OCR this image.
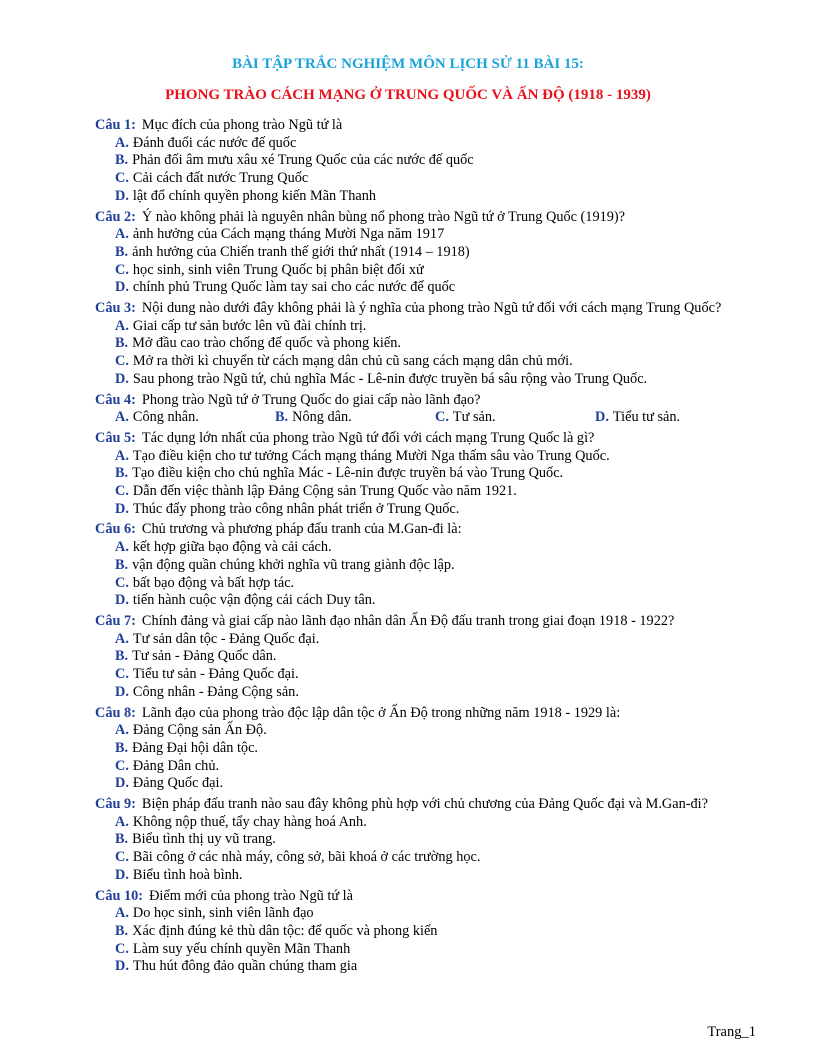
BÀI TẬP TRẮC NGHIỆM MÔN LỊCH SỬ 11 BÀI 15:
PHONG TRÀO CÁCH MẠNG Ở TRUNG QUỐC VÀ ẤN ĐỘ (1918 - 1939)
Câu 1: Mục đích của phong trào Ngũ tứ là
A. Đánh đuổi các nước đế quốc
B. Phản đối âm mưu xâu xé Trung Quốc của các nước đế quốc
C. Cải cách đất nước Trung Quốc
D. lật đổ chính quyền phong kiến Mãn Thanh
Câu 2: Ý nào không phải là nguyên nhân bùng nổ phong trào Ngũ tứ ở Trung Quốc (1919)?
A. ảnh hưởng của Cách mạng tháng Mười Nga năm 1917
B. ảnh hưởng của Chiến tranh thế giới thứ nhất (1914 – 1918)
C. học sinh, sinh viên Trung Quốc bị phân biệt đối xử
D. chính phủ Trung Quốc làm tay sai cho các nước đế quốc
Câu 3: Nội dung nào dưới đây không phải là ý nghĩa của phong trào Ngũ tứ đối với cách mạng Trung Quốc?
A. Giai cấp tư sản bước lên vũ đài chính trị.
B. Mở đầu cao trào chống đế quốc và phong kiến.
C. Mở ra thời kì chuyển từ cách mạng dân chủ cũ sang cách mạng dân chủ mới.
D. Sau phong trào Ngũ tứ, chủ nghĩa Mác - Lê-nin được truyền bá sâu rộng vào Trung Quốc.
Câu 4: Phong trào Ngũ tứ ở Trung Quốc do giai cấp nào lãnh đạo?
A. Công nhân.	B. Nông dân.	C. Tư sản.	D. Tiểu tư sản.
Câu 5: Tác dụng lớn nhất của phong trào Ngũ tứ đối với cách mạng Trung Quốc là gì?
A. Tạo điều kiện cho tư tưởng Cách mạng tháng Mười Nga thấm sâu vào Trung Quốc.
B. Tạo điều kiện cho chủ nghĩa Mác - Lê-nin được truyền bá vào Trung Quốc.
C. Dẫn đến việc thành lập Đảng Cộng sản Trung Quốc vào năm 1921.
D. Thúc đẩy phong trào công nhân phát triển ở Trung Quốc.
Câu 6: Chủ trương và phương pháp đấu tranh của M.Gan-đi là:
A. kết hợp giữa bạo động và cải cách.
B. vận động quần chúng khởi nghĩa vũ trang giành độc lập.
C. bất bạo động và bất hợp tác.
D. tiến hành cuộc vận động cải cách Duy tân.
Câu 7: Chính đảng và giai cấp nào lãnh đạo nhân dân Ấn Độ đấu tranh trong giai đoạn 1918 - 1922?
A. Tư sản dân tộc - Đảng Quốc đại.
B. Tư sản - Đảng Quốc dân.
C. Tiểu tư sản - Đảng Quốc đại.
D. Công nhân - Đảng Cộng sản.
Câu 8: Lãnh đạo của phong trào độc lập dân tộc ở Ấn Độ trong những năm 1918 - 1929 là:
A. Đảng Cộng sản Ấn Độ.
B. Đảng Đại hội dân tộc.
C. Đảng Dân chủ.
D. Đảng Quốc đại.
Câu 9: Biện pháp đấu tranh nào sau đây không phù hợp với chủ chương của Đảng Quốc đại và M.Gan-đi?
A. Không nộp thuế, tẩy chay hàng hoá Anh.
B. Biểu tình thị uy vũ trang.
C. Bãi công ở các nhà máy, công sở, bãi khoá ở các trường học.
D. Biểu tình hoà bình.
Câu 10: Điểm mới của phong trào Ngũ tứ là
A. Do học sinh, sinh viên lãnh đạo
B. Xác định đúng kẻ thù dân tộc: đế quốc và phong kiến
C. Làm suy yếu chính quyền Mãn Thanh
D. Thu hút đông đảo quần chúng tham gia
Trang_1
